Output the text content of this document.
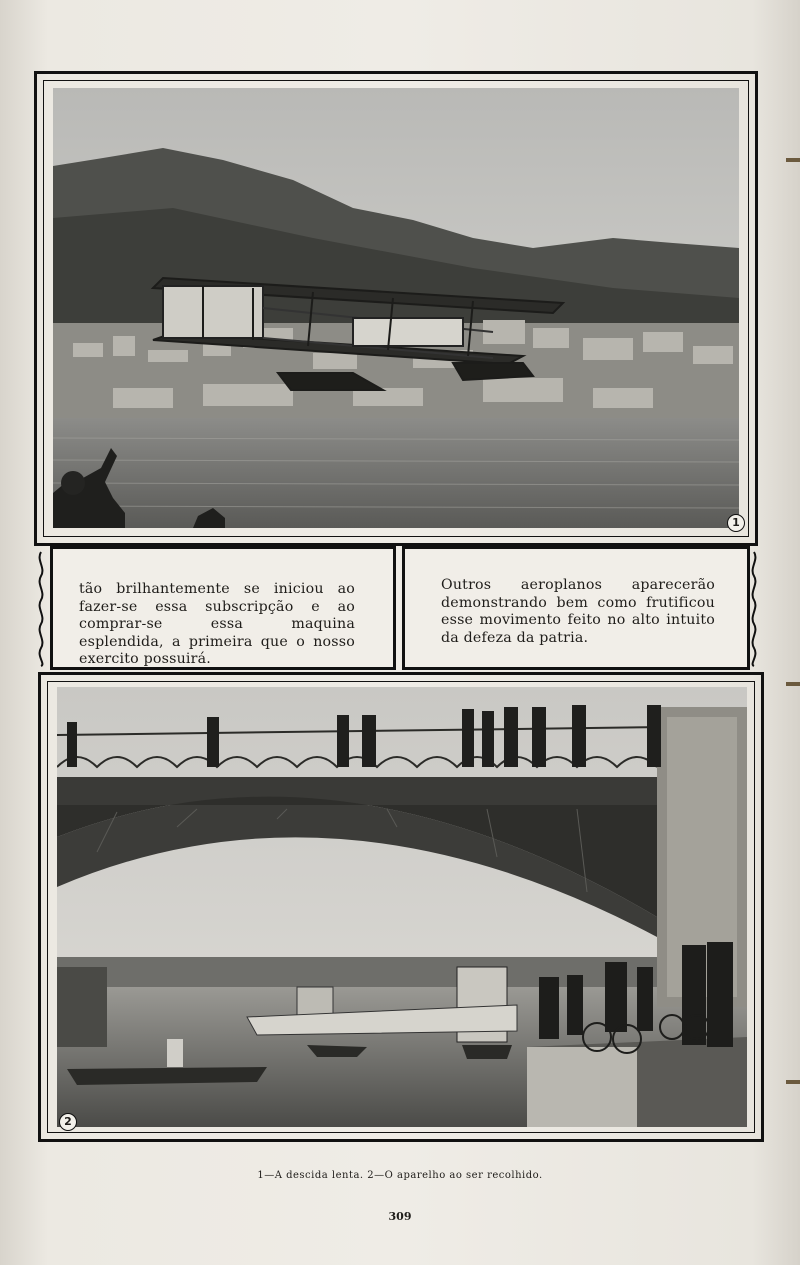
1

tão brilhantemente se iniciou ao fazer-se essa subscripção e ao comprar-se essa maquina esplendida, a primeira que o nosso exercito possuirá.

Outros aeroplanos aparecerão demonstrando bem como frutificou esse movimento feito no alto intuito da defeza da patria.

2
1—A descida lenta. 2—O aparelho ao ser recolhido.
309
